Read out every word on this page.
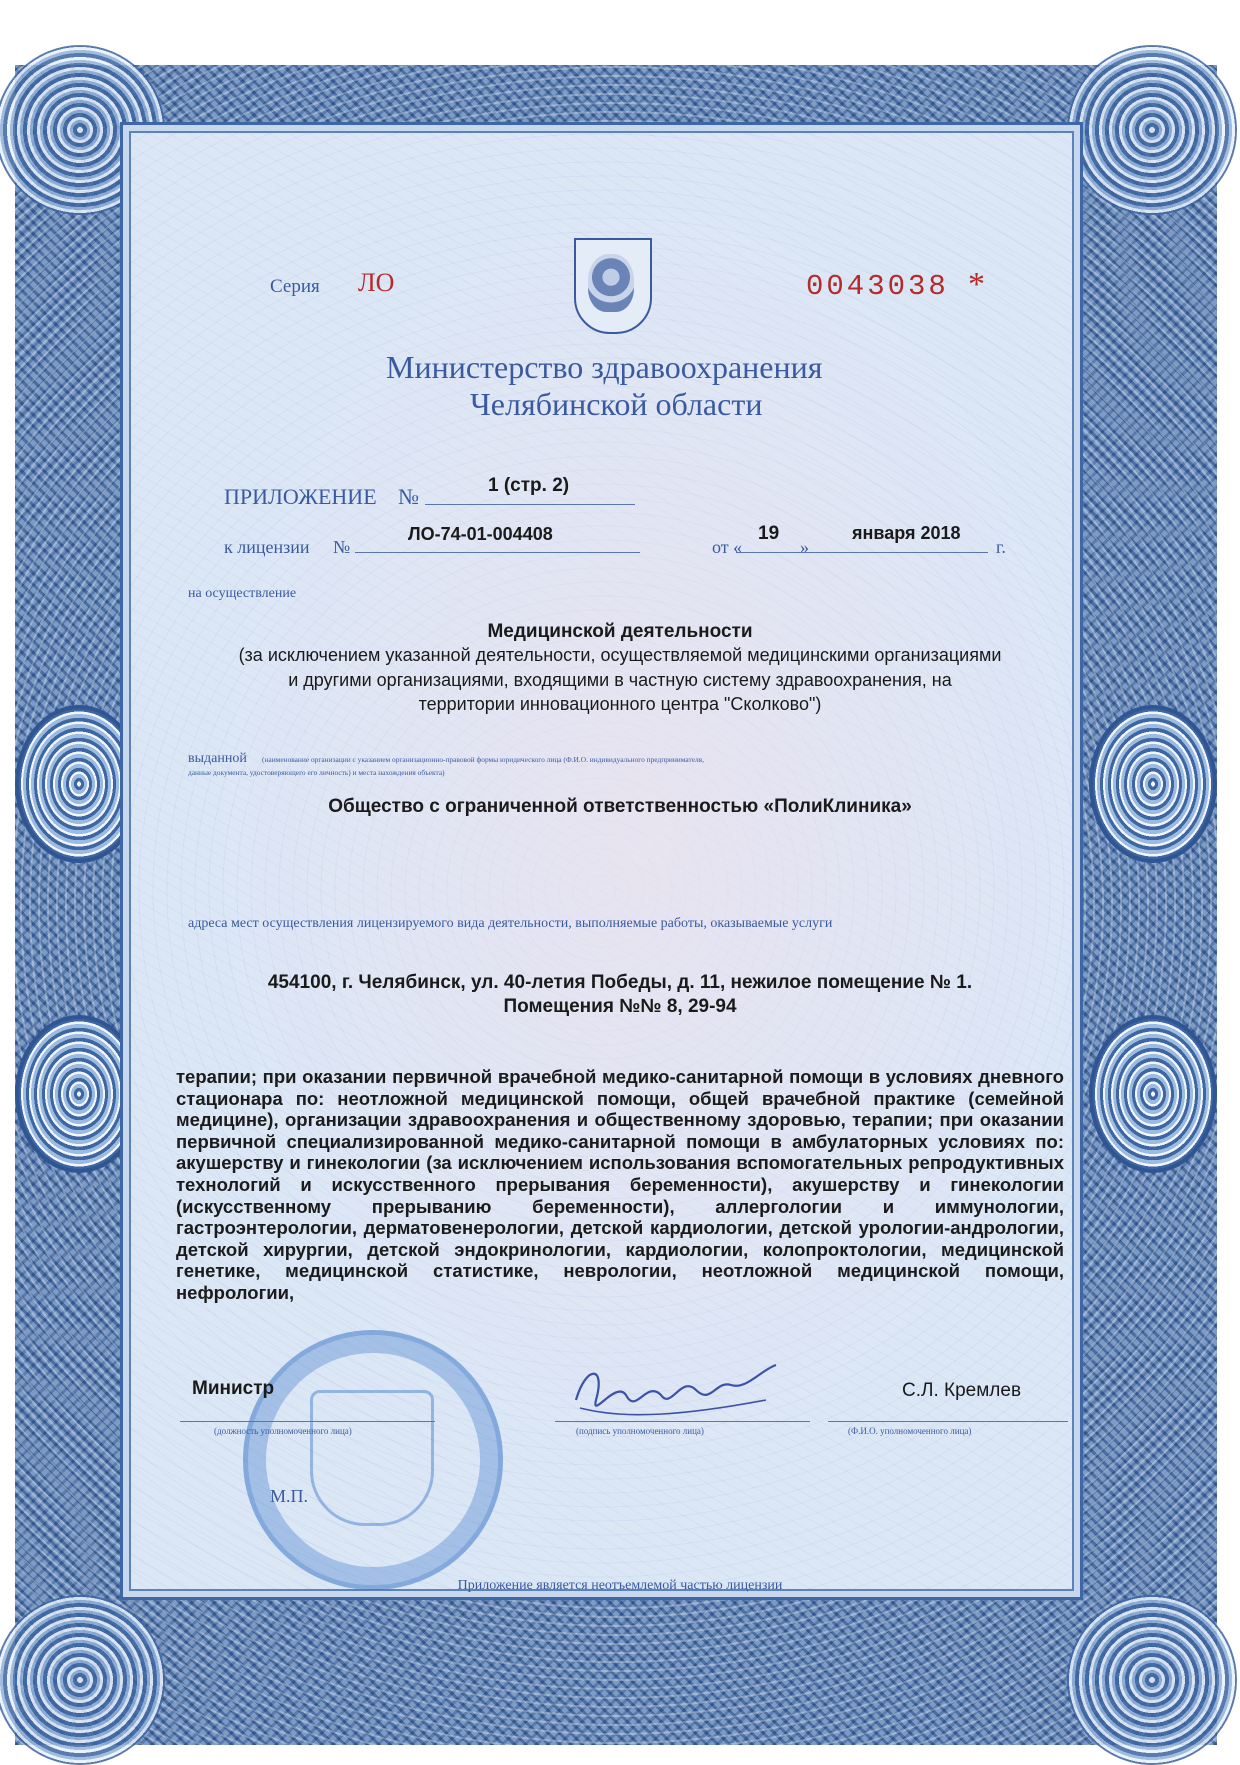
Серия ЛО	0043038 *
Министерство здравоохранения
Челябинской области
ПРИЛОЖЕНИЕ №	1 (стр. 2)
к лицензии №
ЛО-74-01-004408
от «
19
»
января 2018
г.
на осуществление
Медицинской деятельности
(за исключением указанной деятельности, осуществляемой медицинскими организациями
и другими организациями, входящими в частную систему здравоохранения, на
территории инновационного центра "Сколково")
выданной (наименование организации с указанием организационно-правовой формы юридического лица (Ф.И.О. индивидуального предпринимателя,
данные документа, удостоверяющего его личность) и места нахождения объекта)
Общество с ограниченной ответственностью «ПолиКлиника»
адреса мест осуществления лицензируемого вида деятельности, выполняемые работы, оказываемые услуги
454100, г. Челябинск, ул. 40-летия Победы, д. 11, нежилое помещение № 1.
Помещения №№ 8, 29-94
терапии; при оказании первичной врачебной медико-санитарной помощи в условиях дневного стационара по: неотложной медицинской помощи, общей врачебной практике (семейной медицине), организации здравоохранения и общественному здоровью, терапии; при оказании первичной специализированной медико-санитарной помощи в амбулаторных условиях по: акушерству и гинекологии (за исключением использования вспомогательных репродуктивных технологий и искусственного прерывания беременности), акушерству и гинекологии (искусственному прерыванию беременности), аллергологии и иммунологии, гастроэнтерологии, дерматовенерологии, детской кардиологии, детской урологии-андрологии, детской хирургии, детской эндокринологии, кардиологии, колопроктологии, медицинской генетике, медицинской статистике, неврологии, неотложной медицинской помощи, нефрологии,
Министр
(должность уполномоченного лица)	(подпись уполномоченного лица)
С.Л. Кремлев
(Ф.И.О. уполномоченного лица)
М.П.
Приложение является неотъемлемой частью лицензии
